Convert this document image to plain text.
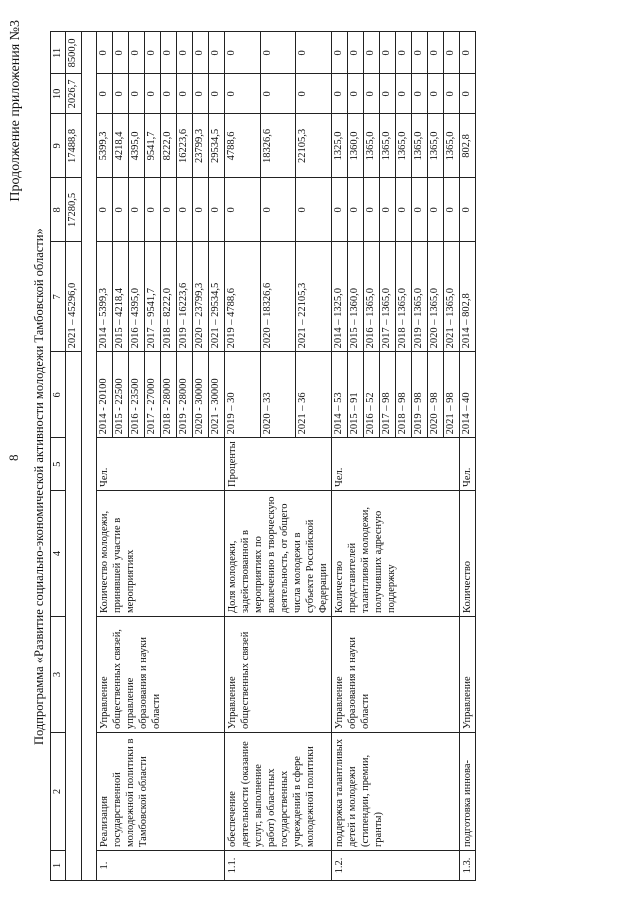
8
Продолжение приложения №3
Подпрограмма «Развитие социально-экономической активности молодежи Тамбовской области»
1	2	3	4	5	6	7	8	9	10	11
						2021 – 45296,0	17280,5	17488,8	2026,7	8500,0

1.	Реализация государственной молодежной политики в Тамбовской области	Управление общественных связей, управление образования и науки области	Количество молодежи, принявшей участие в мероприятиях	Чел.	2014 - 20100	2014 – 5399,3	0	5399,3	0	0
					2015 - 22500	2015 – 4218,4	0	4218,4	0	0
					2016 - 23500	2016 – 4395,0	0	4395,0	0	0
					2017 - 27000	2017 – 9541,7	0	9541,7	0	0
					2018 - 28000	2018 – 8222,0	0	8222,0	0	0
					2019 - 28000	2019 – 16223,6	0	16223,6	0	0
					2020 - 30000	2020 – 23799,3	0	23799,3	0	0
					2021 - 30000	2021 – 29534,5	0	29534,5	0	0
1.1.	обеспечение деятельности (оказание услуг, выполнение работ) областных государственных учреждений в сфере молодежной политики	Управление общественных связей	Доля молодежи, задействованной в мероприятиях по вовлечению в творческую деятельность, от общего числа молодежи в субъекте Российской Федерации	Проценты	2019 – 30	2019 – 4788,6	0	4788,6	0	0
					2020 – 33	2020 – 18326,6	0	18326,6	0	0
					2021 – 36	2021 – 22105,3	0	22105,3	0	0
1.2.	поддержка талантливых детей и молодежи (стипендии, премии, гранты)	Управление образования и науки области	Количество представителей талантливой молодежи, получивших адресную поддержку	Чел.	2014 – 53	2014 – 1325,0	0	1325,0	0	0
					2015 – 91	2015 – 1360,0	0	1360,0	0	0
					2016 – 52	2016 – 1365,0	0	1365,0	0	0
					2017 – 98	2017 – 1365,0	0	1365,0	0	0
					2018 – 98	2018 – 1365,0	0	1365,0	0	0
					2019 – 98	2019 – 1365,0	0	1365,0	0	0
					2020 – 98	2020 – 1365,0	0	1365,0	0	0
					2021 – 98	2021 – 1365,0	0	1365,0	0	0
1.3.	подготовка иннова-	Управление	Количество	Чел.	2014 – 40	2014 – 802,8	0	802,8	0	0
